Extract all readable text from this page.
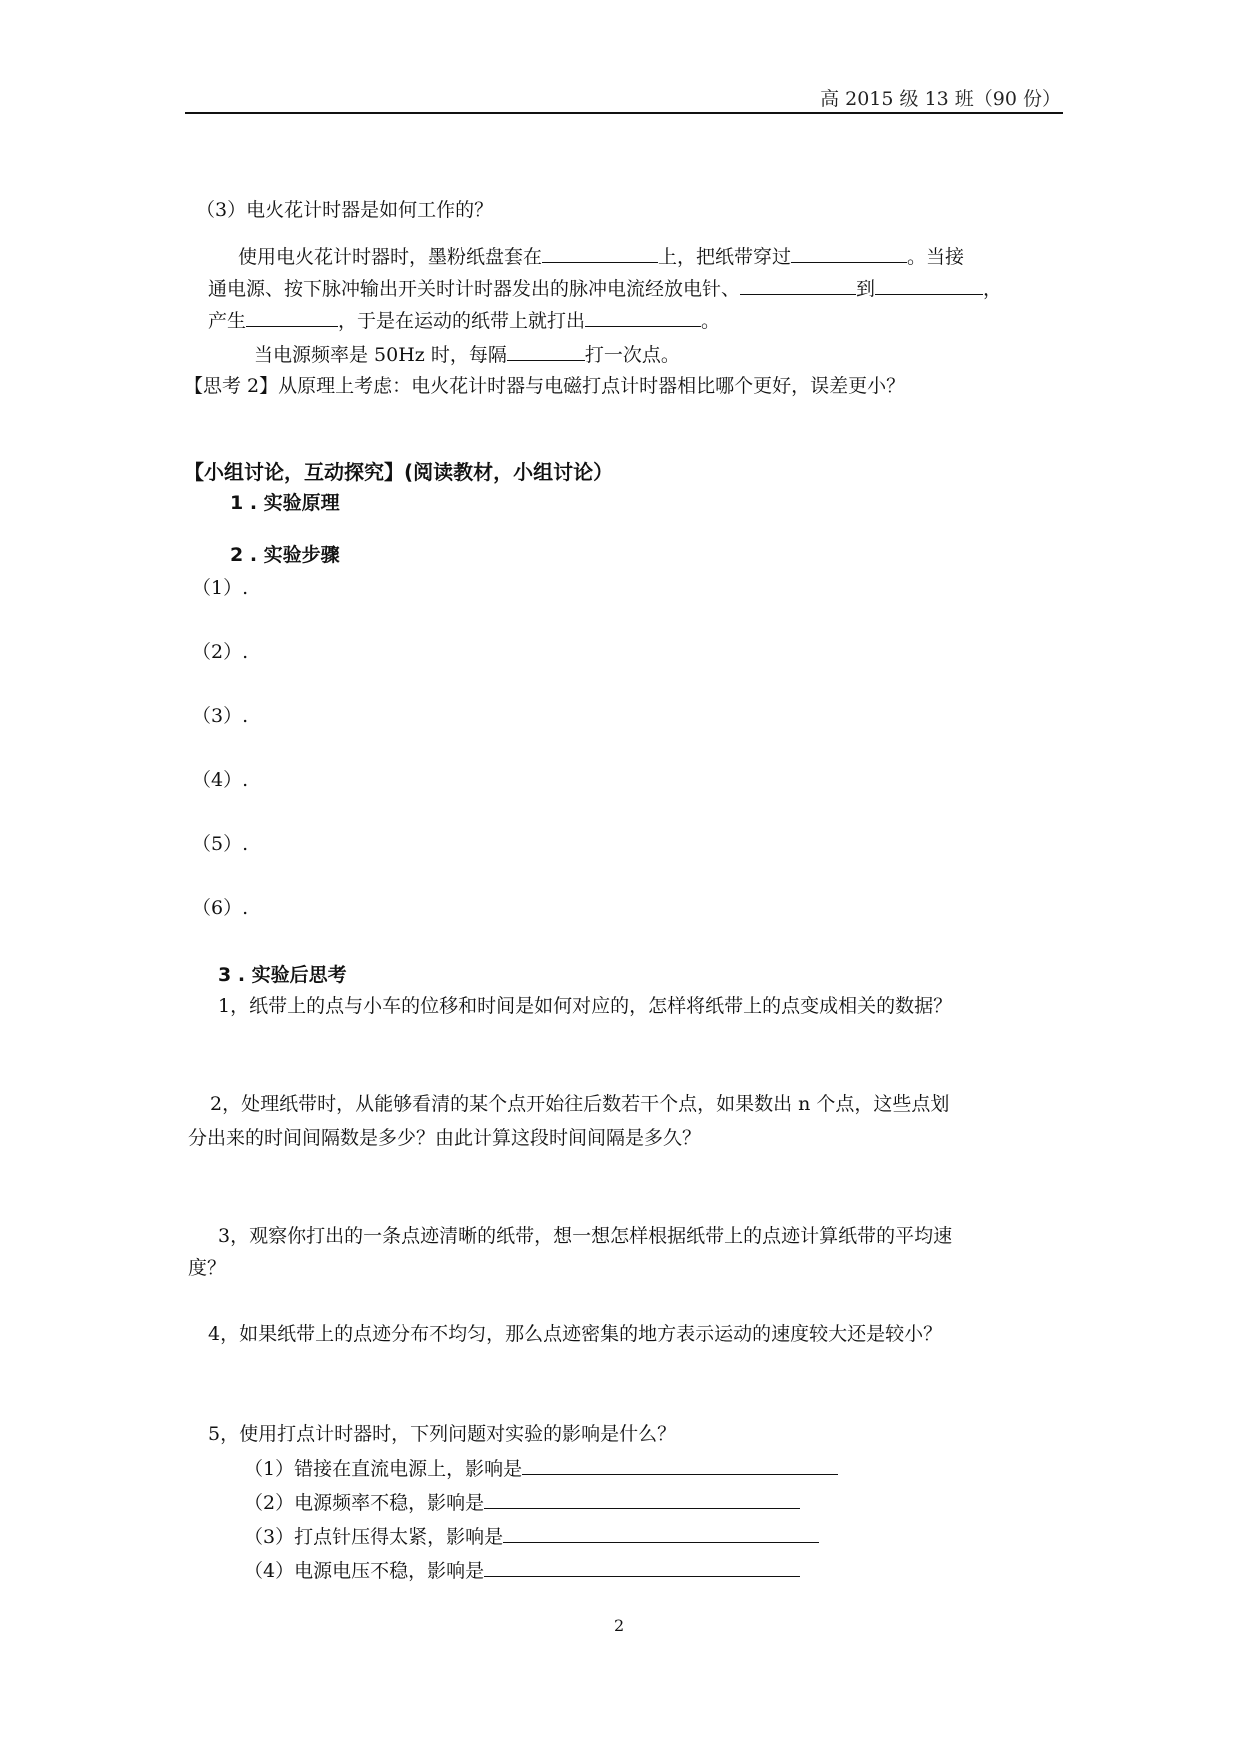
高 2015 级 13 班（90 份）
（3）电火花计时器是如何工作的？
使用电火花计时器时，墨粉纸盘套在	上，把纸带穿过	。当接
通电源、按下脉冲输出开关时计时器发出的脉冲电流经放电针、	到	，
产生	，于是在运动的纸带上就打出	。
当电源频率是 50Hz 时，每隔	打一次点。
【思考 2】从原理上考虑：电火花计时器与电磁打点计时器相比哪个更好，误差更小？
【小组讨论，互动探究】(阅读教材，小组讨论）
1 . 实验原理
2 . 实验步骤
（1）.
（2）.
（3）.
（4）.
（5）.
（6）.
3 . 实验后思考
1，纸带上的点与小车的位移和时间是如何对应的，怎样将纸带上的点变成相关的数据？
2，处理纸带时，从能够看清的某个点开始往后数若干个点，如果数出 n 个点，这些点划
分出来的时间间隔数是多少？由此计算这段时间间隔是多久？
3，观察你打出的一条点迹清晰的纸带，想一想怎样根据纸带上的点迹计算纸带的平均速
度？
4，如果纸带上的点迹分布不均匀，那么点迹密集的地方表示运动的速度较大还是较小？
5，使用打点计时器时，下列问题对实验的影响是什么？
（1）错接在直流电源上，影响是
（2）电源频率不稳，影响是
（3）打点针压得太紧，影响是
（4）电源电压不稳，影响是
2
